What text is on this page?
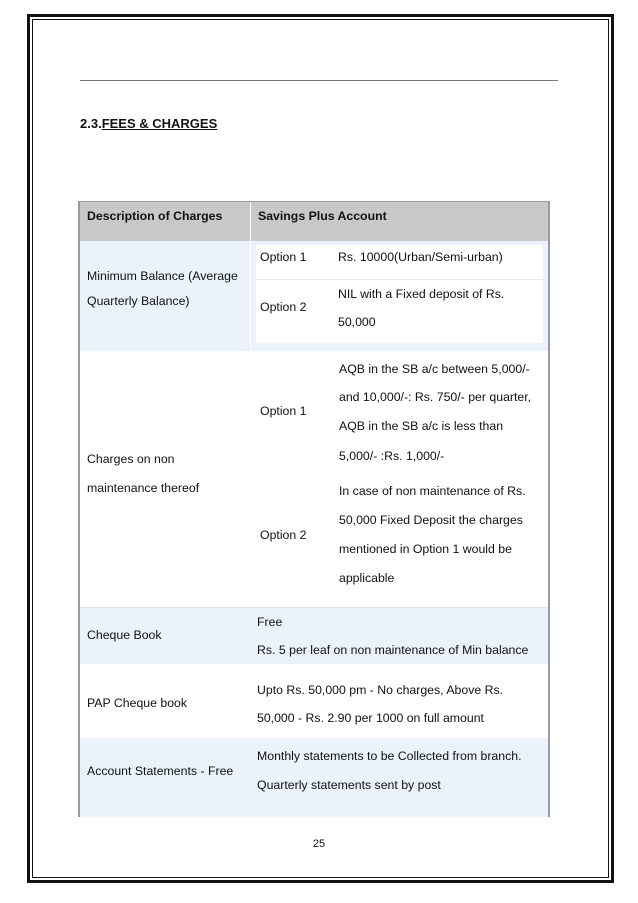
2.3.FEES & CHARGES
Description of Charges	Savings Plus Account
Minimum Balance (Average
Quarterly Balance)
Option 1	Rs. 10000(Urban/Semi-urban)
Option 2
NIL with a Fixed deposit of Rs.
50,000
Charges on non
maintenance thereof
Option 1
AQB in the SB a/c between 5,000/-
and 10,000/-: Rs. 750/- per quarter,
AQB in the SB a/c is less than
5,000/- :Rs. 1,000/-
Option 2
In case of non maintenance of Rs.
50,000 Fixed Deposit the charges
mentioned in Option 1 would be
applicable
Cheque Book
Free
Rs. 5 per leaf on non maintenance of Min balance
PAP Cheque book
Upto Rs. 50,000 pm - No charges, Above Rs.
50,000 - Rs. 2.90 per 1000 on full amount
Account Statements - Free
Monthly statements to be Collected from branch.
Quarterly statements sent by post
25
